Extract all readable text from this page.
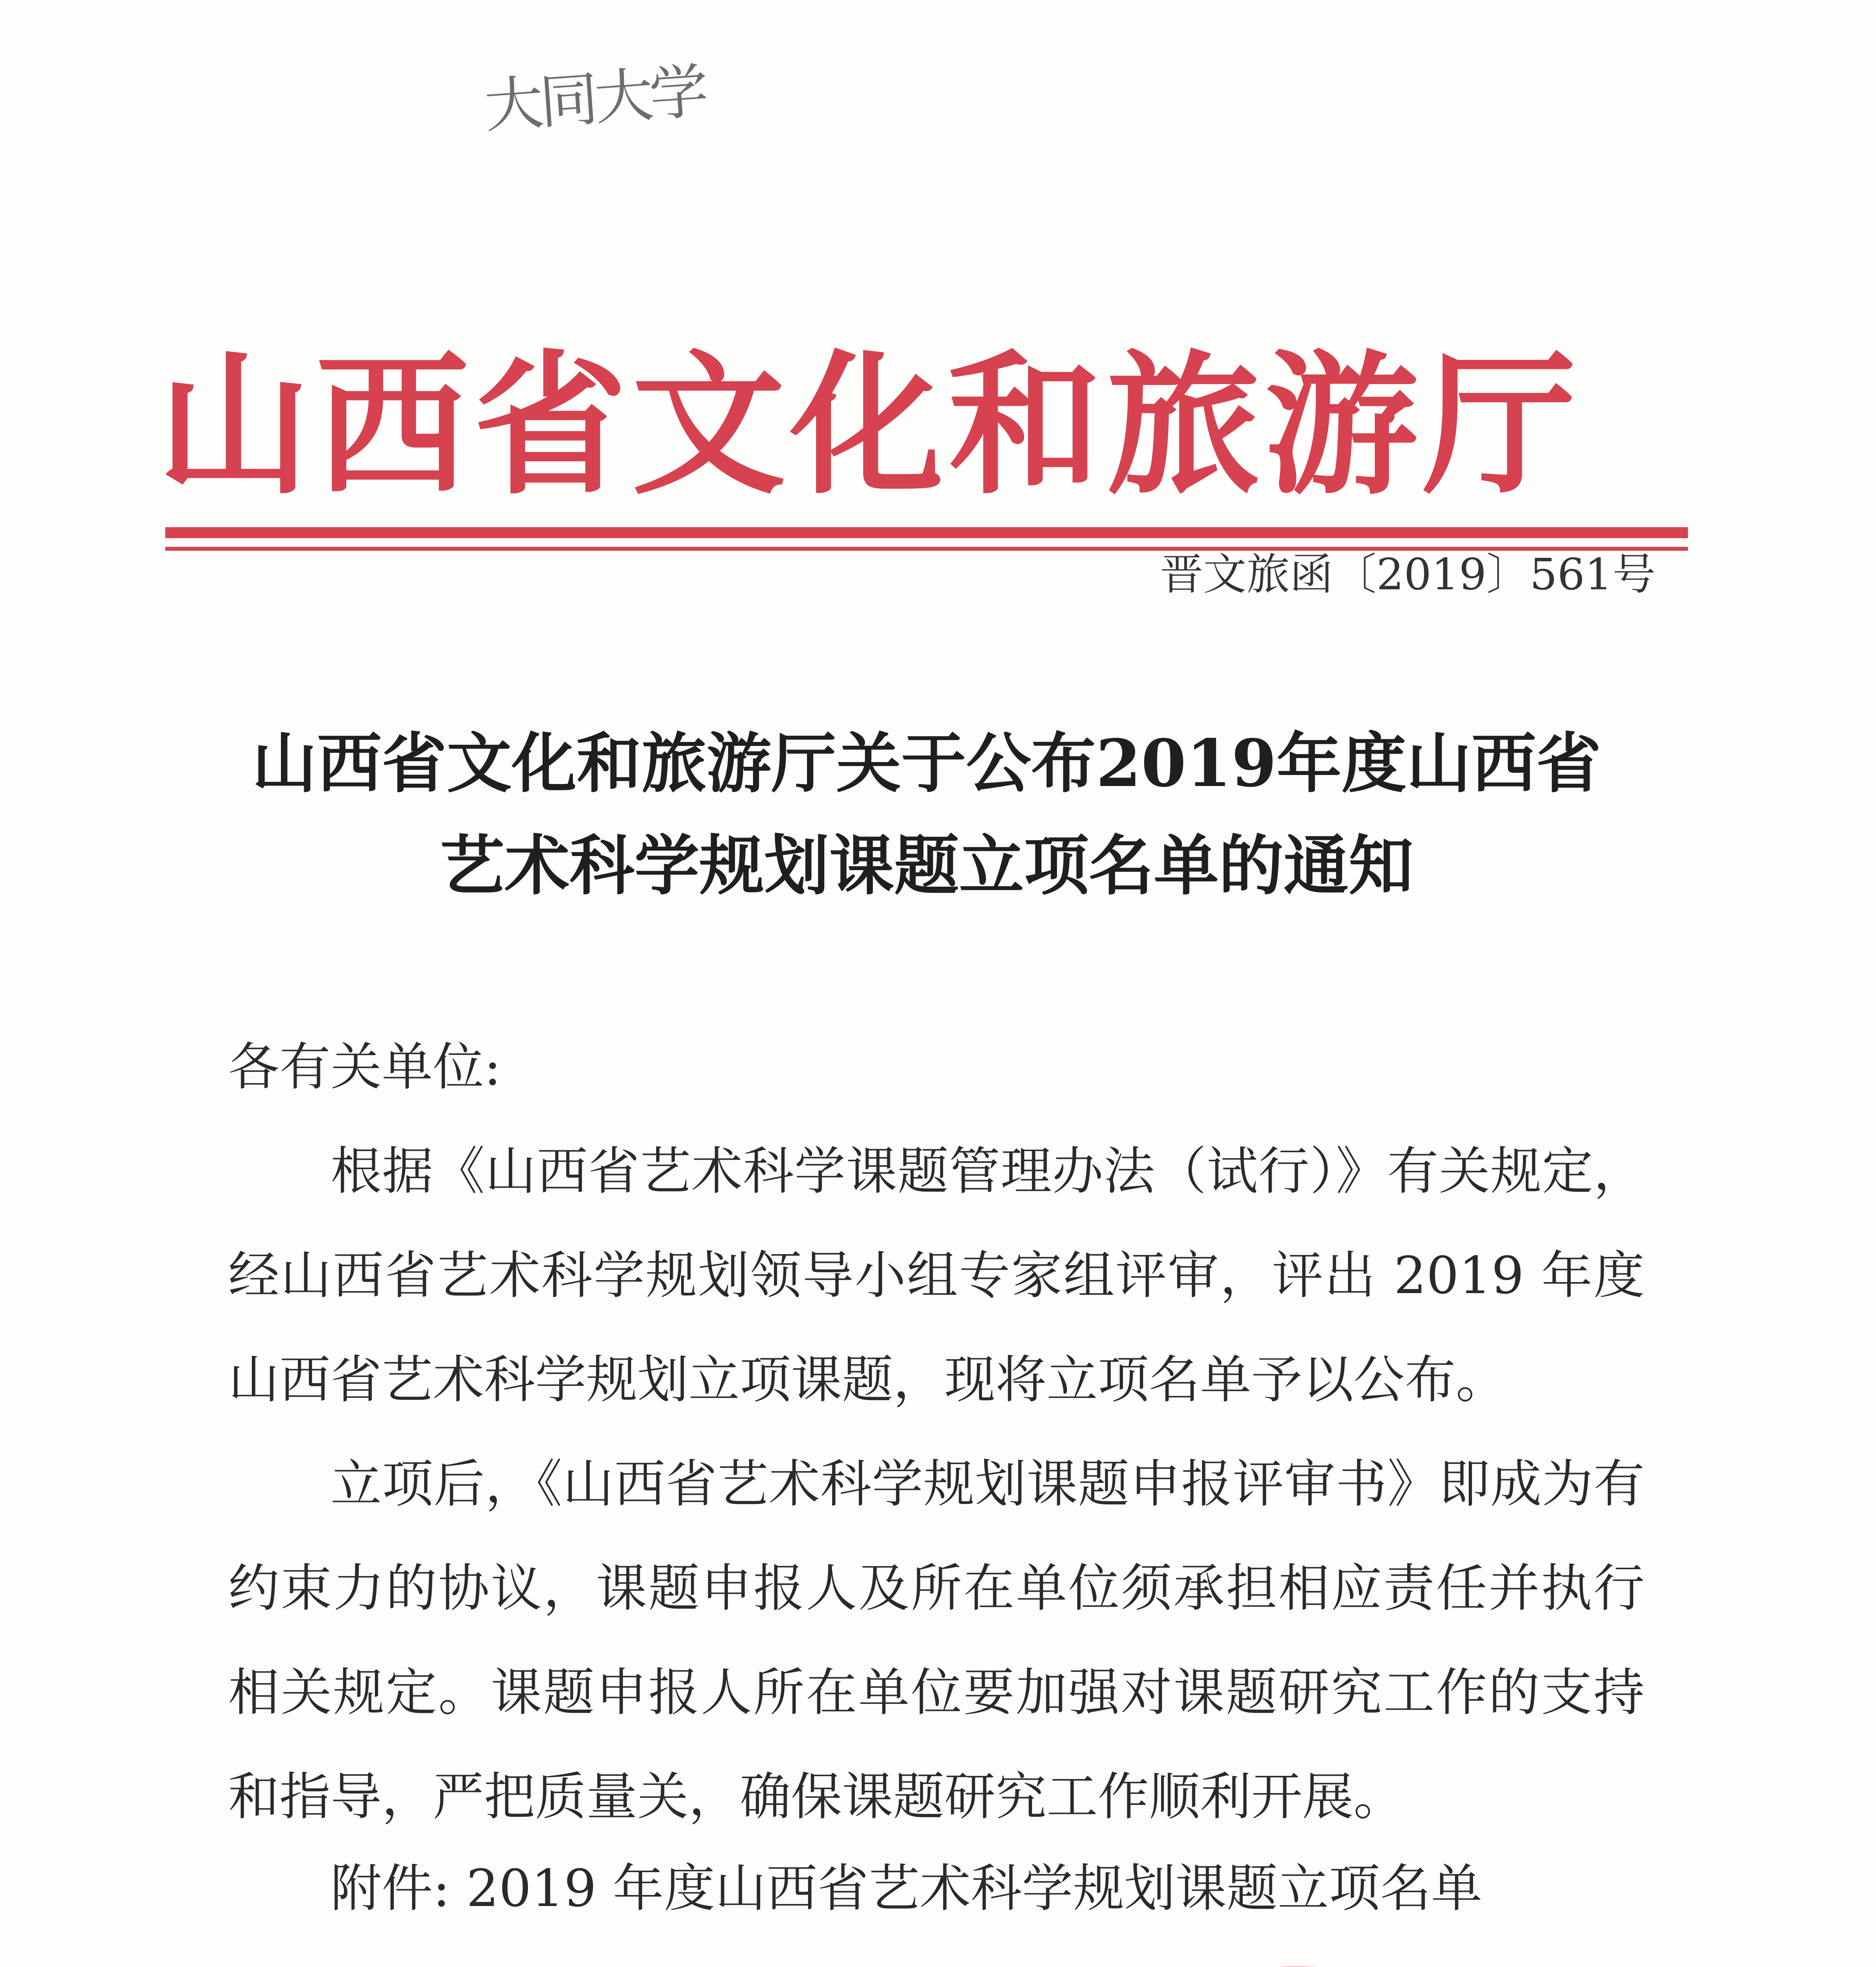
大同大学
山西省文化和旅游厅
晋文旅函〔2019〕561号
山西省文化和旅游厅关于公布2019年度山西省
艺术科学规划课题立项名单的通知

各有关单位:

根据《山西省艺术科学课题管理办法（试行）》有关规定，经山西省艺术科学规划领导小组专家组评审，评出 2019 年度山西省艺术科学规划立项课题，现将立项名单予以公布。

立项后，《山西省艺术科学规划课题申报评审书》即成为有约束力的协议，课题申报人及所在单位须承担相应责任并执行相关规定。课题申报人所在单位要加强对课题研究工作的支持和指导，严把质量关，确保课题研究工作顺利开展。

附件: 2019 年度山西省艺术科学规划课题立项名单
